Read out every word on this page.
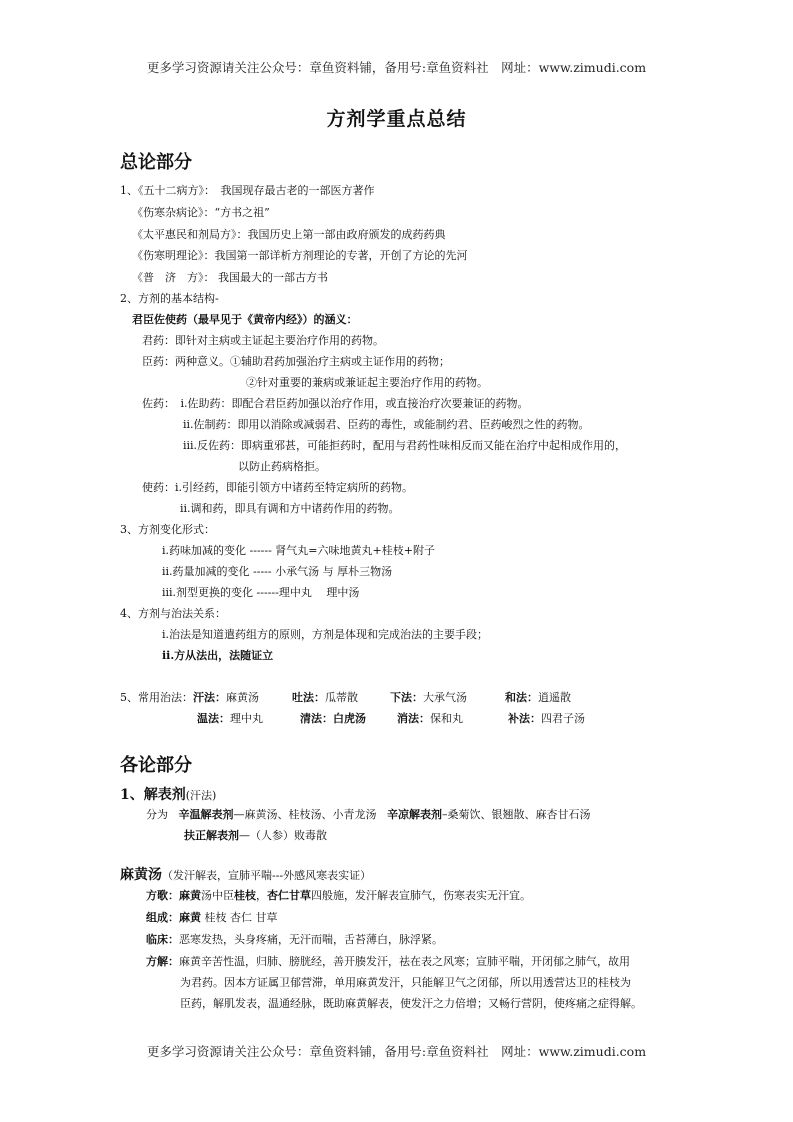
更多学习资源请关注公众号：章鱼资料铺，备用号:章鱼资料社　网址：www.zimudi.com
方剂学重点总结
总论部分
1、《五十二病方》：　我国现存最古老的一部医方著作
《伤寒杂病论》：“方书之祖”
《太平惠民和剂局方》：我国历史上第一部由政府颁发的成药药典
《伤寒明理论》：我国第一部详析方剂理论的专著，开创了方论的先河
《普　济　方》： 我国最大的一部古方书
2、方剂的基本结构-
君臣佐使药（最早见于《黄帝内经》）的涵义：
君药：即针对主病或主证起主要治疗作用的药物。
臣药：两种意义。①辅助君药加强治疗主病或主证作用的药物；
②针对重要的兼病或兼证起主要治疗作用的药物。
佐药：　i.佐助药：即配合君臣药加强以治疗作用，或直接治疗次要兼证的药物。
ii.佐制药：即用以消除或减弱君、臣药的毒性，或能制约君、臣药峻烈之性的药物。
iii.反佐药：即病重邪甚，可能拒药时，配用与君药性味相反而又能在治疗中起相成作用的，
以防止药病格拒。
使药：i.引经药，即能引领方中诸药至特定病所的药物。
ii.调和药，即具有调和方中诸药作用的药物。
3、方剂变化形式：
i.药味加减的变化 ------ 肾气丸=六味地黄丸+桂枝+附子
ii.药量加减的变化 ----- 小承气汤 与 厚朴三物汤
iii.剂型更换的变化 ------理中丸　 理中汤
4、方剂与治法关系：
i.治法是知道遣药组方的原则，方剂是体现和完成治法的主要手段；
ii.方从法出，法随证立
5、常用治法：汗法：麻黄汤	吐法：瓜蒂散	下法：大承气汤	和法：逍遥散
温法：理中丸	清法：白虎汤	消法：保和丸	补法：四君子汤
各论部分
1、解表剂(汗法)
分为 辛温解表剂—麻黄汤、桂枝汤、小青龙汤 辛凉解表剂–桑菊饮、银翘散、麻杏甘石汤
扶正解表剂—（人参）败毒散
麻黄汤（发汗解表，宣肺平喘---外感风寒表实证）
方歌：麻黄汤中臣桂枝，杏仁甘草四般施，发汗解表宣肺气，伤寒表实无汗宜。
组成：麻黄 桂枝 杏仁 甘草
临床：恶寒发热，头身疼痛，无汗而喘，舌苔薄白，脉浮紧。
方解：麻黄辛苦性温，归肺、膀胱经，善开腠发汗，祛在表之风寒；宣肺平喘，开闭郁之肺气，故用
为君药。因本方证属卫郁营滞，单用麻黄发汗，只能解卫气之闭郁，所以用透营达卫的桂枝为
臣药，解肌发表，温通经脉，既助麻黄解表，使发汗之力倍增；又畅行营阴，使疼痛之症得解。
更多学习资源请关注公众号：章鱼资料铺，备用号:章鱼资料社　网址：www.zimudi.com
